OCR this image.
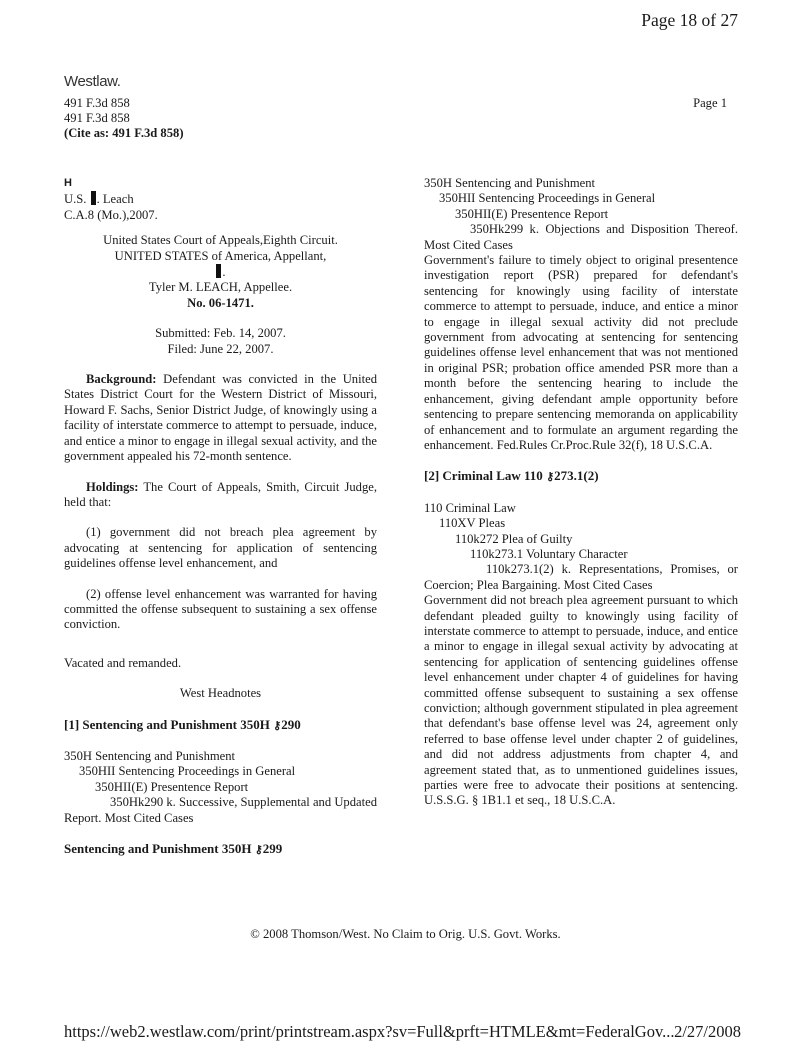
Page 18 of 27
Westlaw.
491 F.3d 858
491 F.3d 858
(Cite as: 491 F.3d 858)
Page 1

H

U.S. . Leach

C.A.8 (Mo.),2007.

United States Court of Appeals,Eighth Circuit.

UNITED STATES of America, Appellant,

.

Tyler M. LEACH, Appellee.

No. 06-1471.

Submitted: Feb. 14, 2007.

Filed: June 22, 2007.

Background: Defendant was convicted in the United States District Court for the Western District of Missouri, Howard F. Sachs, Senior District Judge, of knowingly using a facility of interstate commerce to attempt to persuade, induce, and entice a minor to engage in illegal sexual activity, and the government appealed his 72-month sentence.

Holdings: The Court of Appeals, Smith, Circuit Judge, held that:

(1) government did not breach plea agreement by advocating at sentencing for application of sentencing guidelines offense level enhancement, and

(2) offense level enhancement was warranted for having committed the offense subsequent to sustaining a sex offense conviction.

Vacated and remanded.

West Headnotes

[1] Sentencing and Punishment 350H ⚷290

350H Sentencing and Punishment

350HII Sentencing Proceedings in General

350HII(E) Presentence Report

350Hk290 k. Successive, Supplemental and Updated Report. Most Cited Cases

Sentencing and Punishment 350H ⚷299

350H Sentencing and Punishment

350HII Sentencing Proceedings in General

350HII(E) Presentence Report

350Hk299 k. Objections and Disposition Thereof. Most Cited Cases

Government's failure to timely object to original presentence investigation report (PSR) prepared for defendant's sentencing for knowingly using facility of interstate commerce to attempt to persuade, induce, and entice a minor to engage in illegal sexual activity did not preclude government from advocating at sentencing for sentencing guidelines offense level enhancement that was not mentioned in original PSR; probation office amended PSR more than a month before the sentencing hearing to include the enhancement, giving defendant ample opportunity before sentencing to prepare sentencing memoranda on applicability of enhancement and to formulate an argument regarding the enhancement. Fed.Rules Cr.Proc.Rule 32(f), 18 U.S.C.A.

[2] Criminal Law 110 ⚷273.1(2)

110 Criminal Law

110XV Pleas

110k272 Plea of Guilty

110k273.1 Voluntary Character

110k273.1(2) k. Representations, Promises, or Coercion; Plea Bargaining. Most Cited Cases

Government did not breach plea agreement pursuant to which defendant pleaded guilty to knowingly using facility of interstate commerce to attempt to persuade, induce, and entice a minor to engage in illegal sexual activity by advocating at sentencing for application of sentencing guidelines offense level enhancement under chapter 4 of guidelines for having committed offense subsequent to sustaining a sex offense conviction; although government stipulated in plea agreement that defendant's base offense level was 24, agreement only referred to base offense level under chapter 2 of guidelines, and did not address adjustments from chapter 4, and agreement stated that, as to unmentioned guidelines issues, parties were free to advocate their positions at sentencing. U.S.S.G. § 1B1.1 et seq., 18 U.S.C.A.

© 2008 Thomson/West. No Claim to Orig. U.S. Govt. Works.
https://web2.westlaw.com/print/printstream.aspx?sv=Full&prft=HTMLE&mt=FederalGov... 2/27/2008
